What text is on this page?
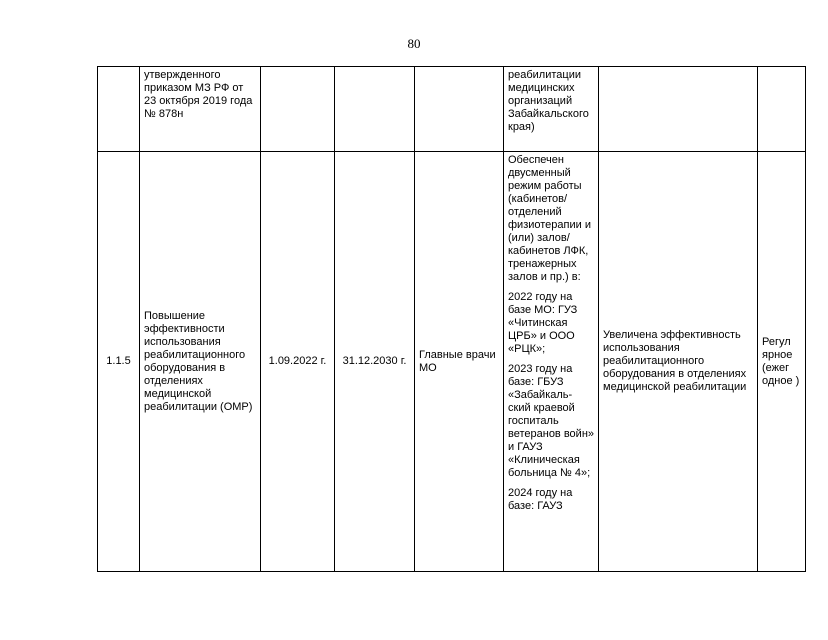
80
	утвержденного приказом МЗ РФ от 23 октября 2019 года № 878н				реабилитации медицинских организаций Забайкальского края)		

1.1.5	Повышение эффективности использования реабилитационного оборудования в отделениях медицинской реабилитации (ОМР)	1.09.2022 г.	31.12.2030 г.	Главные врачи МО	Обеспечен двусменный режим работы (кабинетов/ отделений физиотерапии и (или) залов/ кабинетов ЛФК, тренажерных залов и пр.) в:

2022 году на базе МО: ГУЗ «Читинская ЦРБ» и ООО «РЦК»;

2023 году на базе: ГБУЗ «Забайкаль-ский краевой госпиталь ветеранов войн» и ГАУЗ «Клиническая больница № 4»;

2024 году на базе: ГАУЗ	Увеличена эффективность использования реабилитационного оборудования в отделениях медицинской реабилитации	Регул ярное (ежег одное )
